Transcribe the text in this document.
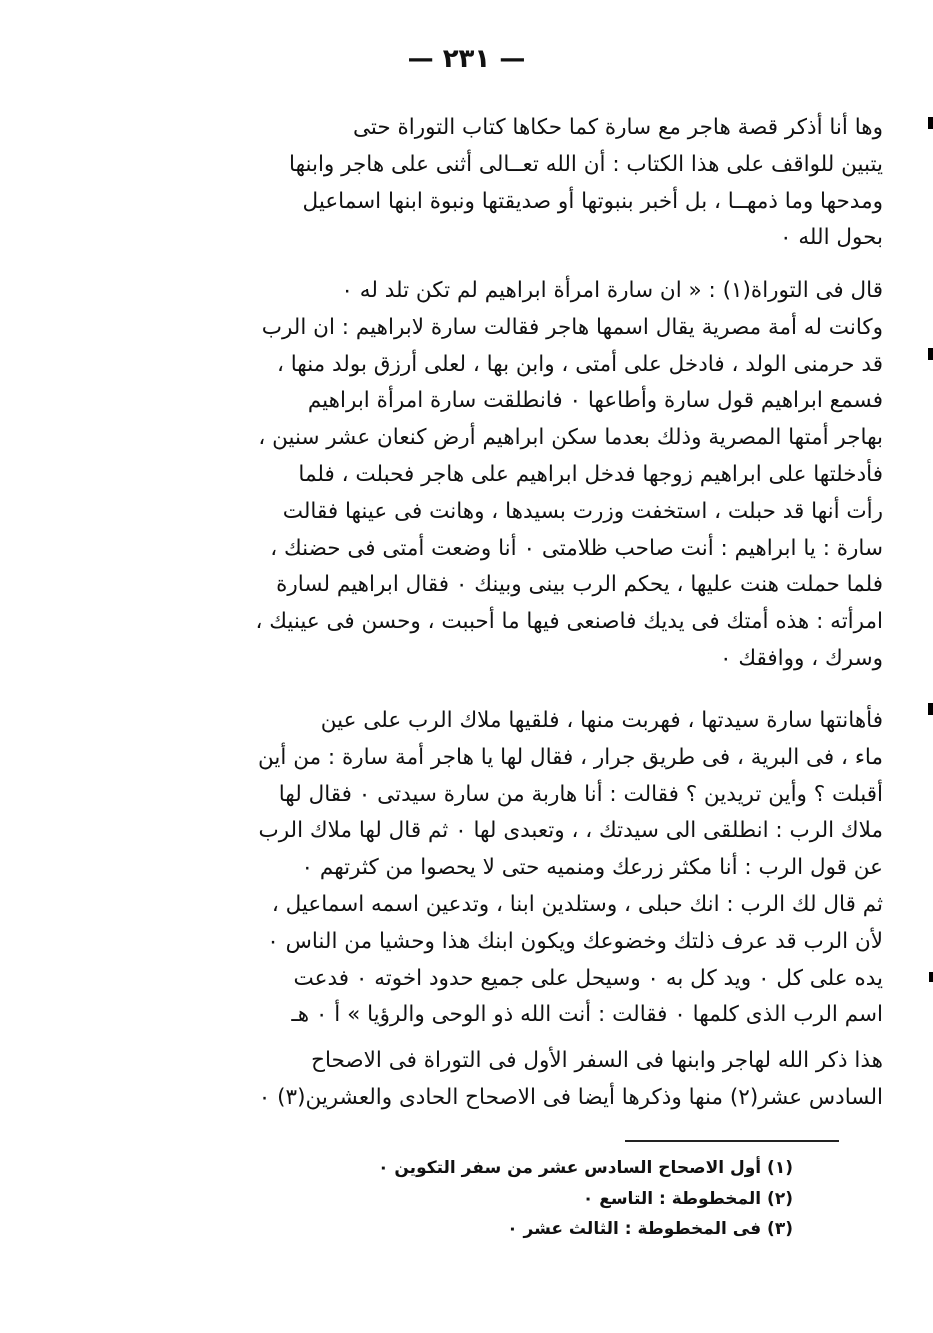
— ٢٣١ —
وها أنا أذكر قصة هاجر مع سارة كما حكاها كتاب التوراة حتى
يتبين للواقف على هذا الكتاب : أن الله تعــالى أثنى على هاجر وابنها
ومدحها وما ذمهــا ، بل أخبر بنبوتها أو صديقتها ونبوة ابنها اسماعيل
بحول الله ٠
قال فى التوراة(١) : « ان سارة امرأة ابراهيم لم تكن تلد له ٠
وكانت له أمة مصرية يقال اسمها هاجر فقالت سارة لابراهيم : ان الرب
قد حرمنى الولد ، فادخل على أمتى ، وابن بها ، لعلى أرزق بولد منها ،
فسمع ابراهيم قول سارة وأطاعها ٠ فانطلقت سارة امرأة ابراهيم
بهاجر أمتها المصرية وذلك بعدما سكن ابراهيم أرض كنعان عشر سنين ،
فأدخلتها على ابراهيم زوجها فدخل ابراهيم على هاجر فحبلت ، فلما
رأت أنها قد حبلت ، استخفت وزرت بسيدها ، وهانت فى عينها فقالت
سارة : يا ابراهيم : أنت صاحب ظلامتى ٠ أنا وضعت أمتى فى حضنك ،
فلما حملت هنت عليها ، يحكم الرب بينى وبينك ٠ فقال ابراهيم لسارة
امرأته : هذه أمتك فى يديك فاصنعى فيها ما أحببت ، وحسن فى عينيك ،
وسرك ، ووافقك ٠
فأهانتها سارة سيدتها ، فهربت منها ، فلقيها ملاك الرب على عين
ماء ، فى البرية ، فى طريق جرار ، فقال لها يا هاجر أمة سارة : من أين
أقبلت ؟ وأين تريدين ؟ فقالت : أنا هاربة من سارة سيدتى ٠ فقال لها
ملاك الرب : انطلقى الى سيدتك ، ، وتعبدى لها ٠ ثم قال لها ملاك الرب
عن قول الرب : أنا مكثر زرعك ومنميه حتى لا يحصوا من كثرتهم ٠
ثم قال لك الرب : انك حبلى ، وستلدين ابنا ، وتدعين اسمه اسماعيل ،
لأن الرب قد عرف ذلتك وخضوعك ويكون ابنك هذا وحشيا من الناس ٠
يده على كل ٠ ويد كل به ٠ وسيحل على جميع حدود اخوته ٠ فدعت
اسم الرب الذى كلمها ٠ فقالت : أنت الله ذو الوحى والرؤيا » أ ٠ هـ
هذا ذكر الله لهاجر وابنها فى السفر الأول فى التوراة فى الاصحاح
السادس عشر(٢) منها وذكرها أيضا فى الاصحاح الحادى والعشرين(٣) ٠
(١) أول الاصحاح السادس عشر من سفر التكوين ٠
(٢) المخطوطة : التاسع ٠
(٣) فى المخطوطة : الثالث عشر ٠
